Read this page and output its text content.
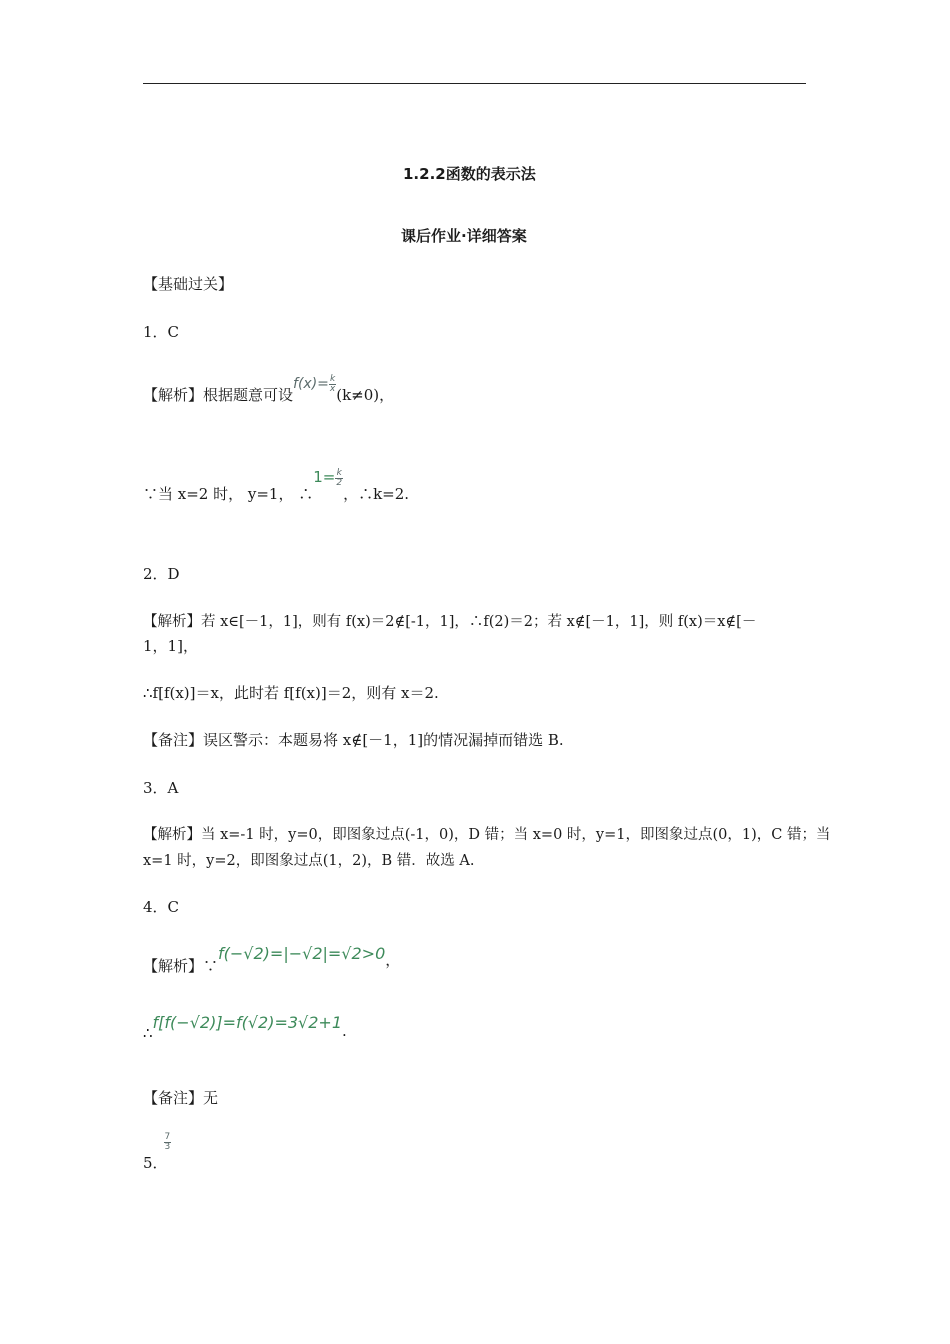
1.2.2函数的表示法
课后作业·详细答案
【基础过关】
1．C
【解析】根据题意可设$f(x)= \frac{k}{x}$
(k≠0)，
∵当 x=2 时， y=1， ∴1= $\frac{k}{2}$
，∴k=2.
2．D
【解析】若 x∈[－1，1]，则有 f(x)＝2∉[-1，1]，∴f(2)＝2；若 x∉[－1，1]，则 f(x)＝x∉[－
1，1]，
∴f[f(x)]＝x，此时若 f[f(x)]＝2，则有 x＝2.
【备注】误区警示：本题易将 x∉[－1，1]的情况漏掉而错选 B.
3．A
【解析】当 x=-1 时，y=0，即图象过点(-1，0)，D 错；当 x=0 时，y=1，即图象过点(0，1)，C 错；当
x=1 时，y=2，即图象过点(1，2)，B 错．故选 A.
4．C
【解析】∵f(−√2)=|−√2|=√2>0，
∴f[f(−√2)]=f(√2)=3√2+1.
【备注】无
5．
$\frac{7}{3}$
